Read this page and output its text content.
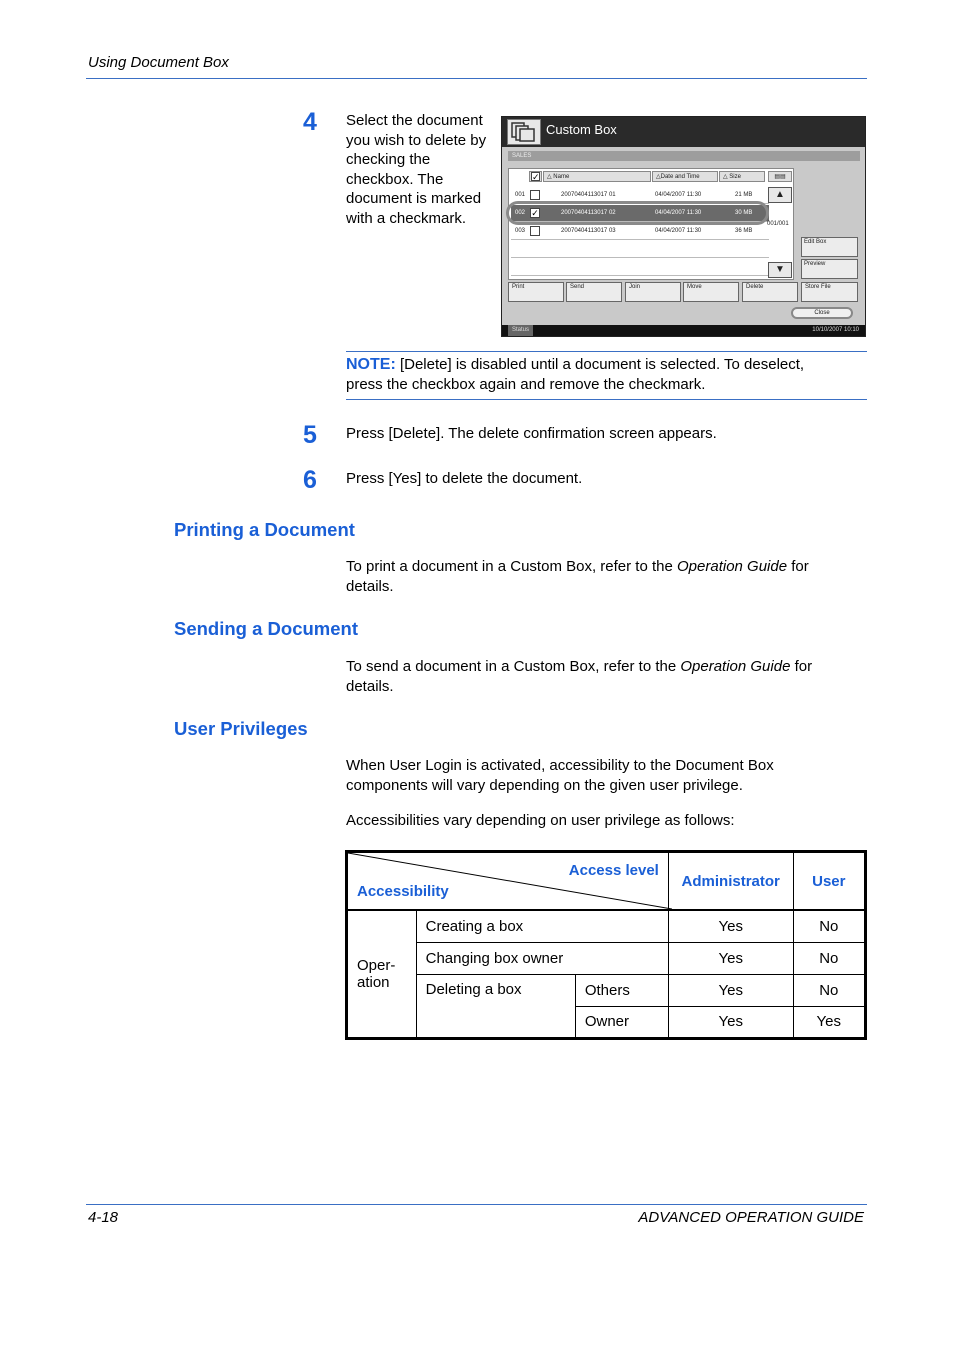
Using Document Box
4 Select the document
you wish to delete by
checking the
checkbox. The
document is marked
with a checkmark.
Custom Box
SALES
✓	△ Name	△Date and Time	△ Size	▤▤
001	20070404113017 01	04/04/2007 11:30	21 MB
002 ✓	20070404113017 02	04/04/2007 11:30	30 MB
003	20070404113017 03	04/04/2007 11:30	36 MB
▲
▼
001/001
Edit Box
Preview
Print	Send	Join	Move	Delete	Store File
Close
Status	10/10/2007 10:10
NOTE: [Delete] is disabled until a document is selected. To deselect,
press the checkbox again and remove the checkmark.
5 Press [Delete]. The delete confirmation screen appears.
6 Press [Yes] to delete the document.
Printing a Document
To print a document in a Custom Box, refer to the Operation Guide for
details.
Sending a Document
To send a document in a Custom Box, refer to the Operation Guide for
details.
User Privileges
When User Login is activated, accessibility to the Document Box
components will vary depending on the given user privilege.
Accessibilities vary depending on user privilege as follows:
Access level
Accessibility			Administrator	User

Oper-
ation	Creating a box		Yes	No
	Changing box owner		Yes	No
	Deleting a box	Others	Yes	No
		Owner	Yes	Yes
4-18	ADVANCED OPERATION GUIDE
